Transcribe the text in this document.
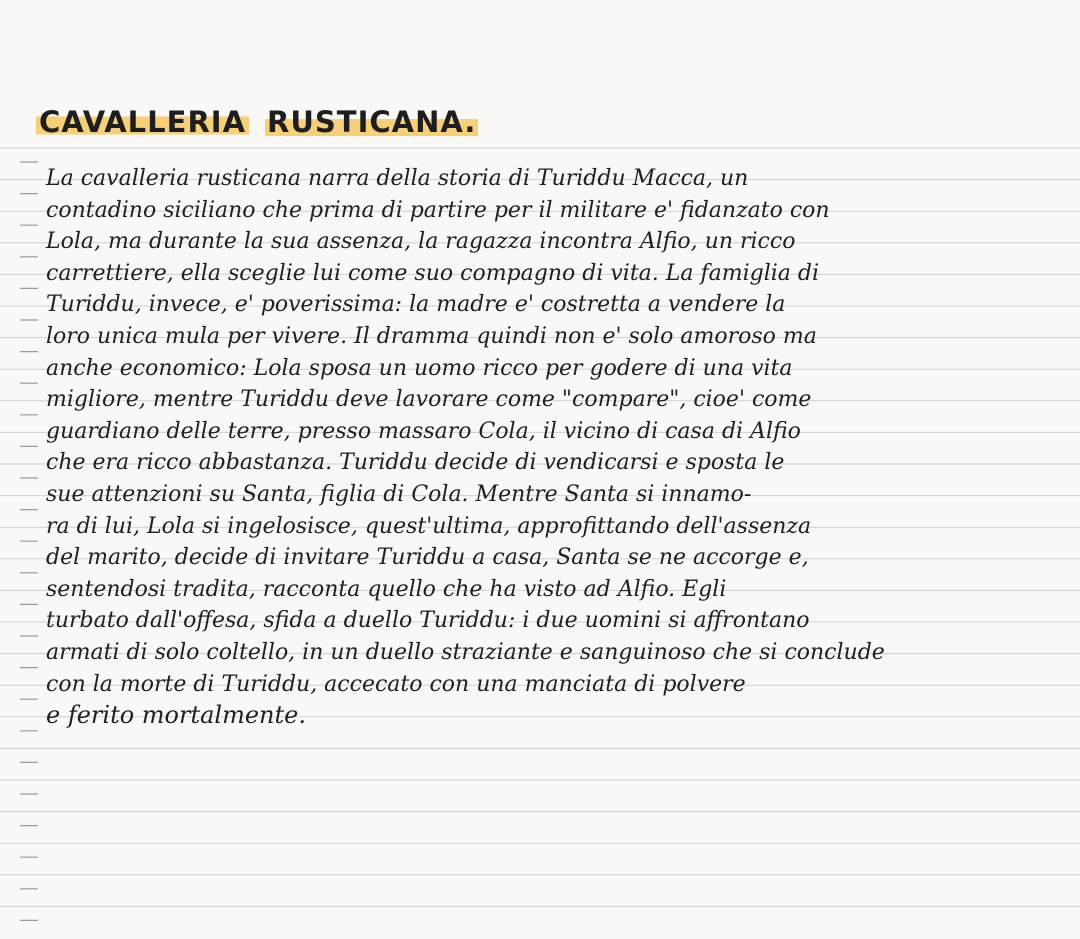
CAVALLERIA RUSTICANA.
La cavalleria rusticana narra della storia di Turiddu Macca, un
contadino siciliano che prima di partire per il militare e' fidanzato con
Lola, ma durante la sua assenza, la ragazza incontra Alfio, un ricco
carrettiere, ella sceglie lui come suo compagno di vita. La famiglia di
Turiddu, invece, e' poverissima: la madre e' costretta a vendere la
loro unica mula per vivere. Il dramma quindi non e' solo amoroso ma
anche economico: Lola sposa un uomo ricco per godere di una vita
migliore, mentre Turiddu deve lavorare come "compare", cioe' come
guardiano delle terre, presso massaro Cola, il vicino di casa di Alfio
che era ricco abbastanza. Turiddu decide di vendicarsi e sposta le
sue attenzioni su Santa, figlia di Cola. Mentre Santa si innamo-
ra di lui, Lola si ingelosisce, quest'ultima, approfittando dell'assenza
del marito, decide di invitare Turiddu a casa, Santa se ne accorge e,
sentendosi tradita, racconta quello che ha visto ad Alfio. Egli
turbato dall'offesa, sfida a duello Turiddu: i due uomini si affrontano
armati di solo coltello, in un duello straziante e sanguinoso che si conclude
con la morte di Turiddu, accecato con una manciata di polvere
e ferito mortalmente.
